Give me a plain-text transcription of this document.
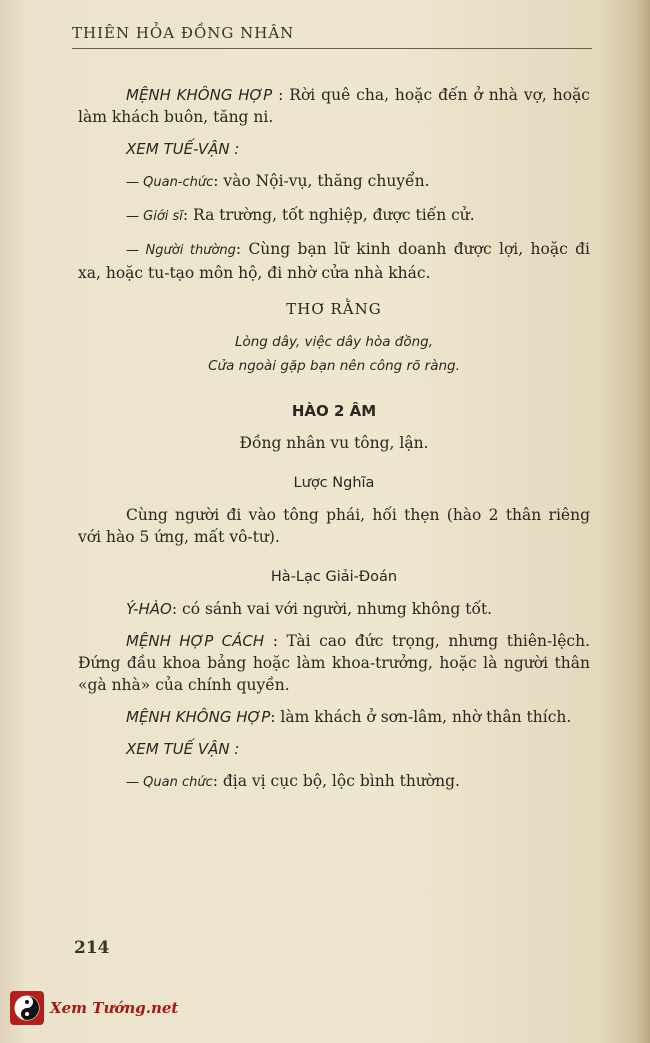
THIÊN HỎA ĐỒNG NHÂN

MỆNH KHÔNG HỢP : Rời quê cha, hoặc đến ở nhà vợ, hoặc làm khách buôn, tăng ni.

XEM TUẾ-VẬN :

— Quan-chức: vào Nội-vụ, thăng chuyển.

— Giới sĩ: Ra trường, tốt nghiệp, được tiến cử.

— Người thường: Cùng bạn lữ kinh doanh được lợi, hoặc đi xa, hoặc tu-tạo môn hộ, đi nhờ cửa nhà khác.

THƠ RẰNG
Lòng dây, việc dây hòa đồng,
Cửa ngoài gặp bạn nên công rõ ràng.
HÀO 2 ÂM
Đồng nhân vu tông, lận.
Lược Nghĩa

Cùng người đi vào tông phái, hối thẹn (hào 2 thân riêng với hào 5 ứng, mất vô-tư).

Hà-Lạc Giải-Đoán

Ý-HÀO: có sánh vai với người, nhưng không tốt.

MỆNH HỢP CÁCH : Tài cao đức trọng, nhưng thiên-lệch. Đứng đầu khoa bảng hoặc làm khoa-trưởng, hoặc là người thân «gà nhà» của chính quyền.

MỆNH KHÔNG HỢP: làm khách ở sơn-lâm, nhờ thân thích.

XEM TUẾ VẬN :

— Quan chức: địa vị cục bộ, lộc bình thường.

214
Xem Tướng.net
